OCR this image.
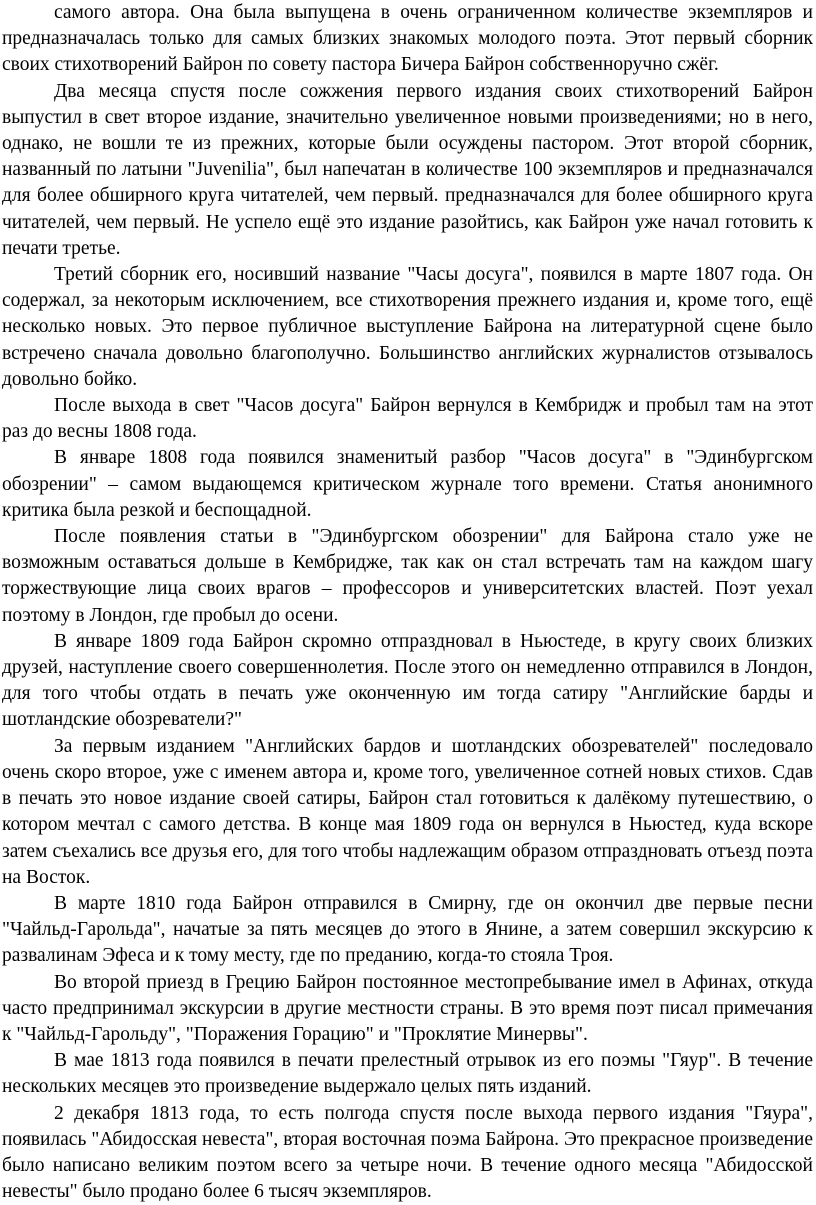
самого автора. Она была выпущена в очень ограниченном количестве экземпляров и предназначалась только для самых близких знакомых молодого поэта. Этот первый сборник своих стихотворений Байрон по совету пастора Бичера Байрон собственноручно сжёг.

Два месяца спустя после сожжения первого издания своих стихотворений Байрон выпустил в свет второе издание, значительно увеличенное новыми произведениями; но в него, однако, не вошли те из прежних, которые были осуждены пастором. Этот второй сборник, названный по латыни "Juvenilia", был напечатан в количестве 100 экземпляров и предназначался для более обширного круга читателей, чем первый. предназначался для более обширного круга читателей, чем первый. Не успело ещё это издание разойтись, как Байрон уже начал готовить к печати третье.

Третий сборник его, носивший название "Часы досуга", появился в марте 1807 года. Он содержал, за некоторым исключением, все стихотворения прежнего издания и, кроме того, ещё несколько новых. Это первое публичное выступление Байрона на литературной сцене было встречено сначала довольно благополучно. Большинство английских журналистов отзывалось довольно бойко.

После выхода в свет "Часов досуга" Байрон вернулся в Кембридж и пробыл там на этот раз до весны 1808 года.

В январе 1808 года появился знаменитый разбор "Часов досуга" в "Эдинбургском обозрении" – самом выдающемся критическом журнале того времени. Статья анонимного критика была резкой и беспощадной.

После появления статьи в "Эдинбургском обозрении" для Байрона стало уже не возможным оставаться дольше в Кембридже, так как он стал встречать там на каждом шагу торжествующие лица своих врагов – профессоров и университетских властей. Поэт уехал поэтому в Лондон, где пробыл до осени.

В январе 1809 года Байрон скромно отпраздновал в Ньюстеде, в кругу своих близких друзей, наступление своего совершеннолетия. После этого он немедленно отправился в Лондон, для того чтобы отдать в печать уже оконченную им тогда сатиру "Английские барды и шотландские обозреватели?"

За первым изданием "Английских бардов и шотландских обозревателей" последовало очень скоро второе, уже с именем автора и, кроме того, увеличенное сотней новых стихов. Сдав в печать это новое издание своей сатиры, Байрон стал готовиться к далёкому путешествию, о котором мечтал с самого детства. В конце мая 1809 года он вернулся в Ньюстед, куда вскоре затем съехались все друзья его, для того чтобы надлежащим образом отпраздновать отъезд поэта на Восток.

В марте 1810 года Байрон отправился в Смирну, где он окончил две первые песни "Чайльд-Гарольда", начатые за пять месяцев до этого в Янине, а затем совершил экскурсию к развалинам Эфеса и к тому месту, где по преданию, когда-то стояла Троя.

Во второй приезд в Грецию Байрон постоянное местопребывание имел в Афинах, откуда часто предпринимал экскурсии в другие местности страны. В это время поэт писал примечания к "Чайльд-Гарольду", "Поражения Горацию" и "Проклятие Минервы".

В мае 1813 года появился в печати прелестный отрывок из его поэмы "Гяур". В течение нескольких месяцев это произведение выдержало целых пять изданий.

2 декабря 1813 года, то есть полгода спустя после выхода первого издания "Гяура", появилась "Абидосская невеста", вторая восточная поэма Байрона. Это прекрасное произведение было написано великим поэтом всего за четыре ночи. В течение одного месяца "Абидосской невесты" было продано более 6 тысяч экземпляров.
